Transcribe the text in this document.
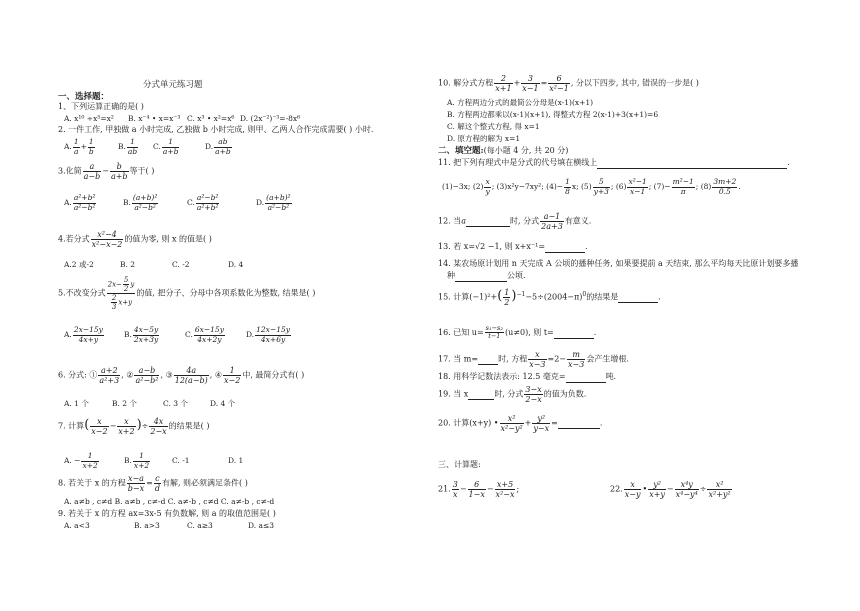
分式单元练习题
一、选择题：
1、下列运算正确的是( )
A. x¹⁰ ÷x⁵=x² B. x⁻⁴ • x=x⁻³ C. x³ • x²=x⁶ D. (2x⁻²)⁻³=-8x⁶
2. 一件工作, 甲独做 a 小时完成, 乙独做 b 小时完成, 则甲、乙两人合作完成需要( ) 小时.
A. $\frac{1}{a} + \frac{1}{b}$	B. $\frac{1}{ab} C$. $\frac{1}{a+b}$	D. $\frac{ab}{a+b}$
3.化简 $\frac{a}{a-b} - \frac{b}{a+b}$ 等于( )
A. $\frac{\text{a²+b²}}{\text{a²−b²}}$	B. $\frac{\text{(a+b)²}}{\text{a²−b²}}$	C. $\frac{\text{a²−b²}}{\text{a²+b²}}$	D. $\frac{\text{(a+b)²}}{\text{a²−b²}}$
4.若分式 $\frac{\text{x²−4}}{\text{x²−x−2}}$ 的值为零, 则 x 的值是( )
A.2 或-2	B. 2	C. -2	D. 4
5.不改变分式 $\frac{2x- \frac{5}{2} y}{\frac{2}{3} x+y}$ 的值, 把分子、分母中各项系数化为整数, 结果是( )
A. $\frac{2x-15y}{4x+y}$	B. $\frac{4x-5y}{2x+3y}$	C. $\frac{6x-15y}{4x+2y}$	D. $\frac{12x-15y}{4x+6y}$
6. 分式: ① $\frac{a+2}{\text{a²+3}}$ , ② $\frac{a-b}{\text{a²−b²}}$ , ③ $\frac{4a}{12(a-b)}$ , ④ $\frac{1}{x-2}$ 中, 最简分式有( )
A. 1 个	B. 2 个	C. 3 个	D. 4 个
7. 计算( $\frac{x}{x-2} - \frac{x}{x+2}$ )÷ $\frac{4x}{2-x}$ 的结果是( )
A. − $\frac{1}{x+2}$	B. $\frac{1}{x+2}$	C. -1	D. 1
8. 若关于 x 的方程 $\frac{x-a}{b-x} = \frac{c}{d}$ 有解, 则必须满足条件( )
A. a≠b , c≠d B. a≠b , c≠-d C. a≠-b , c≠d C. a≠-b , c≠-d
9. 若关于 x 的方程 ax=3x-5 有负数解, 则 a 的取值范围是( )
A. a<3	B. a>3	C. a≥3	D. a≤3
10. 解分式方程 $\frac{2}{x+1} + \frac{3}{x-1} = \frac{6}{\text{x²−1}}$ , 分以下四步, 其中, 错误的一步是( )
A. 方程两边分式的最简公分母是(x-1)(x+1)
B. 方程两边都乘以(x-1)(x+1), 得整式方程 2(x-1)+3(x+1)=6
C. 解这个整式方程, 得 x=1
D. 原方程的解为 x=1
二、填空题:(每小题 4 分, 共 20 分)
11. 把下列有理式中是分式的代号填在横线上	.
(1)−3x; $(2) \frac{x}{y}$ ; (3)x²y−7xy²; $(4)- \frac{1}{8} x$; $(5) \frac{5}{y+3}$ ; $(6) \frac{\text{x²−1}}{x-1}$ ; $(7)- \frac{\text{m²−1}}{\pi}$ ; $(8) \frac{3m+2}{0.5}$ .
12. 当a	时, 分式 $\frac{a-1}{2a+3}$ 有意义.
13. 若 x=√2 −1, 则 x+x⁻¹=	.
14. 某农场原计划用 n 天完成 A 公顷的播种任务, 如果要提前 a 天结束, 那么平均每天比原计划要多播
种	公顷.
15. 计算$(-1)^2+( \frac{1}{2} )^{-1}-5\div(2004-\pi)^0$的结果是	.
16. 已知 $u= \frac{\text{s₁−s₂}}{t-1} (u\ne 0)$, 则 t=	.
17. 当 m=	时, 方程 $\frac{x}{x-3} =2- \frac{m}{x-3}$ 会产生增根.
18. 用科学记数法表示: 12.5 毫克=	吨.
19. 当 x	时, 分式 $\frac{3-x}{2-x}$ 的值为负数.
20. 计算(x+y) • $\frac{\text{x²}}{\text{x²−y²}} + \frac{\text{y²}}{y-x}$ =	.
三、计算题:
21. $\frac{3}{x} - \frac{6}{1-x} - \frac{x+5}{\text{x²−x}}$ ;	22. $\frac{x}{x-y}$ • $\frac{\text{y²}}{x+y} - \frac{\text{x⁴y}}{\text{x⁴−y⁴}} \div \frac{\text{x²}}{\text{x²+y²}}$
